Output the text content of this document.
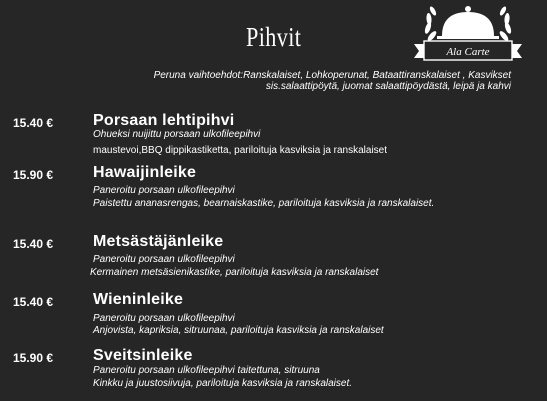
Pihvit	Ala Carte
Peruna vaihtoehdot:Ranskalaiset, Lohkoperunat, Bataattiranskalaiset , Kasvikset sis.salaattipöytä, juomat salaattipöydästä, leipä ja kahvi
15.40 € Porsaan lehtipihvi
Ohueksi nuijittu porsaan ulkofileepihvi
maustevoi,BBQ dippikastiketta, pariloituja kasviksia ja ranskalaiset
15.90 € Hawaijinleike
Paneroitu porsaan ulkofileepihvi
Paistettu ananasrengas, bearnaiskastike, pariloituja kasviksia ja ranskalaiset.
15.40 € Metsästäjänleike
Paneroitu porsaan ulkofileepihvi
Kermainen metsäsienikastike, pariloituja kasviksia ja ranskalaiset
15.40 € Wieninleike
Paneroitu porsaan ulkofileepihvi
Anjovista, kapriksia, sitruunaa, pariloituja kasviksia ja ranskalaiset
15.90 € Sveitsinleike
Paneroitu porsaan ulkofileepihvi taitettuna, sitruuna
Kinkku ja juustosiivuja, pariloituja kasviksia ja ranskalaiset.
